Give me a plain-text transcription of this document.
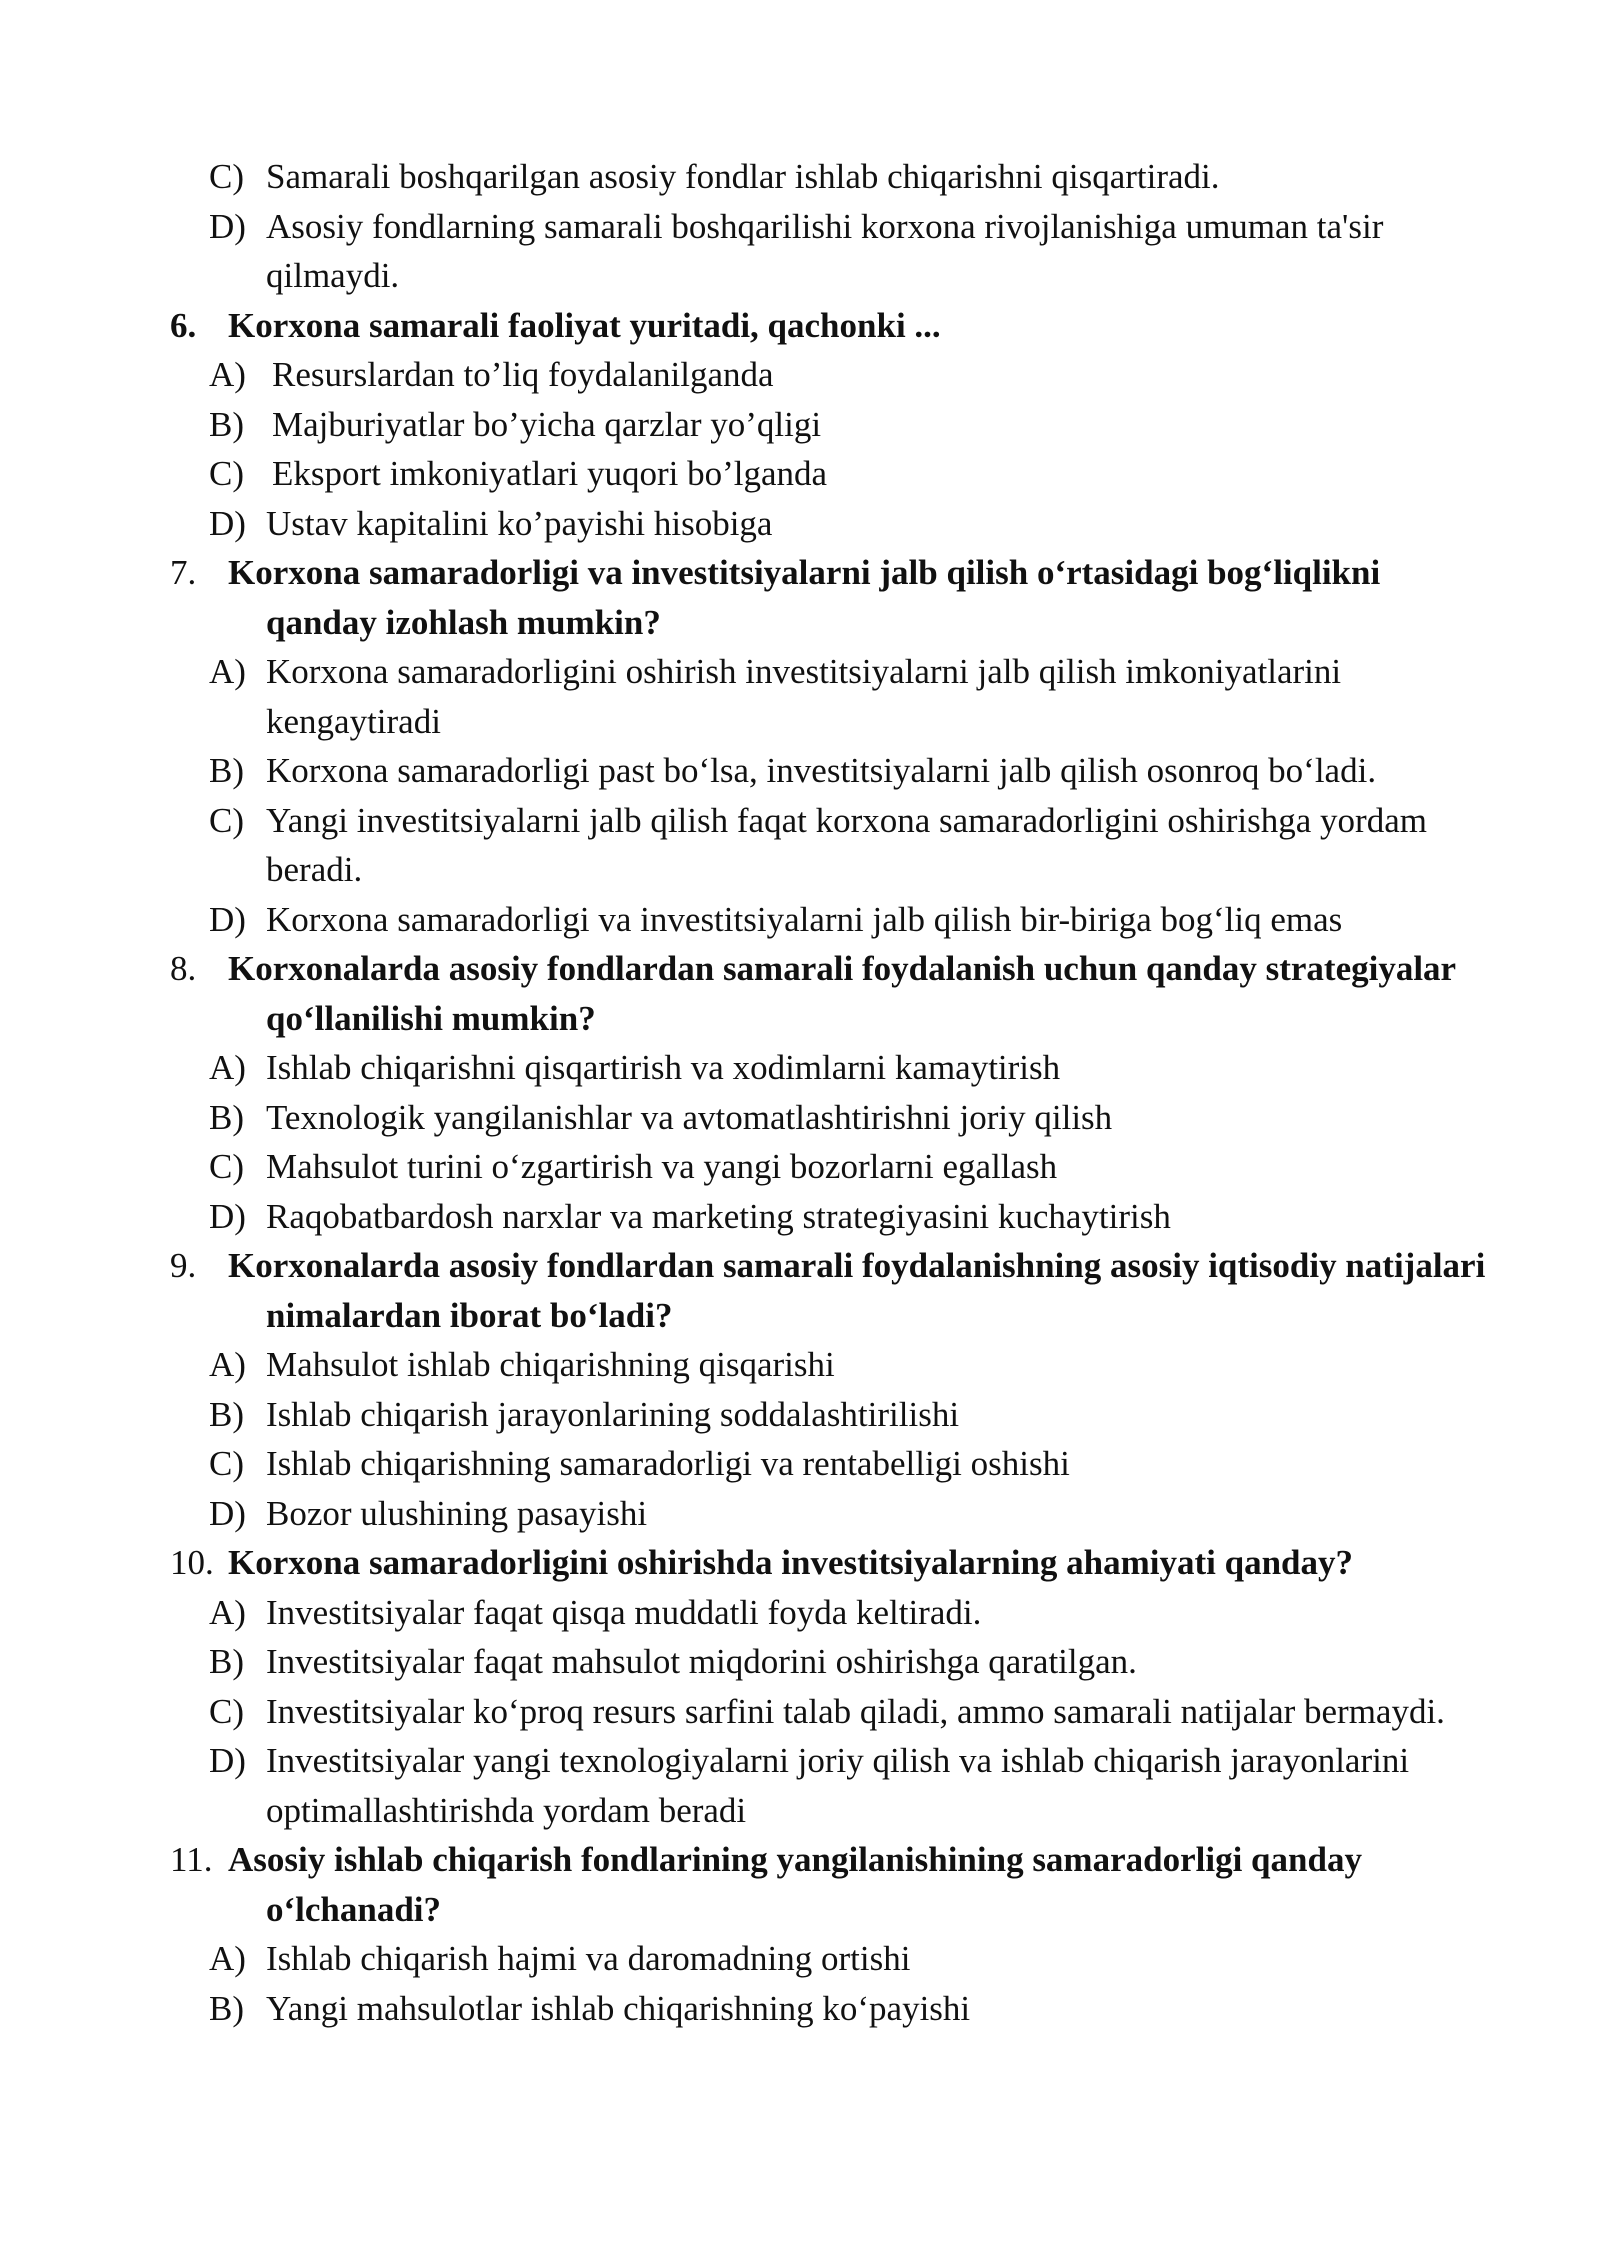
C) Samarali boshqarilgan asosiy fondlar ishlab chiqarishni qisqartiradi.
D) Asosiy fondlarning samarali boshqarilishi korxona rivojlanishiga umuman ta'sir qilmaydi.
6. Korxona samarali faoliyat yuritadi, qachonki ...
A) Resurslardan to’liq foydalanilganda
B) Majburiyatlar bo’yicha qarzlar yo’qligi
C) Eksport imkoniyatlari yuqori bo’lganda
D) Ustav kapitalini ko’payishi hisobiga
7. Korxona samaradorligi va investitsiyalarni jalb qilish o‘rtasidagi bog‘liqlikni qanday izohlash mumkin?
A) Korxona samaradorligini oshirish investitsiyalarni jalb qilish imkoniyatlarini kengaytiradi
B) Korxona samaradorligi past bo‘lsa, investitsiyalarni jalb qilish osonroq bo‘ladi.
C) Yangi investitsiyalarni jalb qilish faqat korxona samaradorligini oshirishga yordam beradi.
D) Korxona samaradorligi va investitsiyalarni jalb qilish bir-biriga bog‘liq emas
8. Korxonalarda asosiy fondlardan samarali foydalanish uchun qanday strategiyalar qo‘llanilishi mumkin?
A) Ishlab chiqarishni qisqartirish va xodimlarni kamaytirish
B) Texnologik yangilanishlar va avtomatlashtirishni joriy qilish
C) Mahsulot turini o‘zgartirish va yangi bozorlarni egallash
D) Raqobatbardosh narxlar va marketing strategiyasini kuchaytirish
9. Korxonalarda asosiy fondlardan samarali foydalanishning asosiy iqtisodiy natijalari nimalardan iborat bo‘ladi?
A) Mahsulot ishlab chiqarishning qisqarishi
B) Ishlab chiqarish jarayonlarining soddalashtirilishi
C) Ishlab chiqarishning samaradorligi va rentabelligi oshishi
D) Bozor ulushining pasayishi
10. Korxona samaradorligini oshirishda investitsiyalarning ahamiyati qanday?
A) Investitsiyalar faqat qisqa muddatli foyda keltiradi.
B) Investitsiyalar faqat mahsulot miqdorini oshirishga qaratilgan.
C) Investitsiyalar ko‘proq resurs sarfini talab qiladi, ammo samarali natijalar bermaydi.
D) Investitsiyalar yangi texnologiyalarni joriy qilish va ishlab chiqarish jarayonlarini optimallashtirishda yordam beradi
11. Asosiy ishlab chiqarish fondlarining yangilanishining samaradorligi qanday o‘lchanadi?
A) Ishlab chiqarish hajmi va daromadning ortishi
B) Yangi mahsulotlar ishlab chiqarishning ko‘payishi
